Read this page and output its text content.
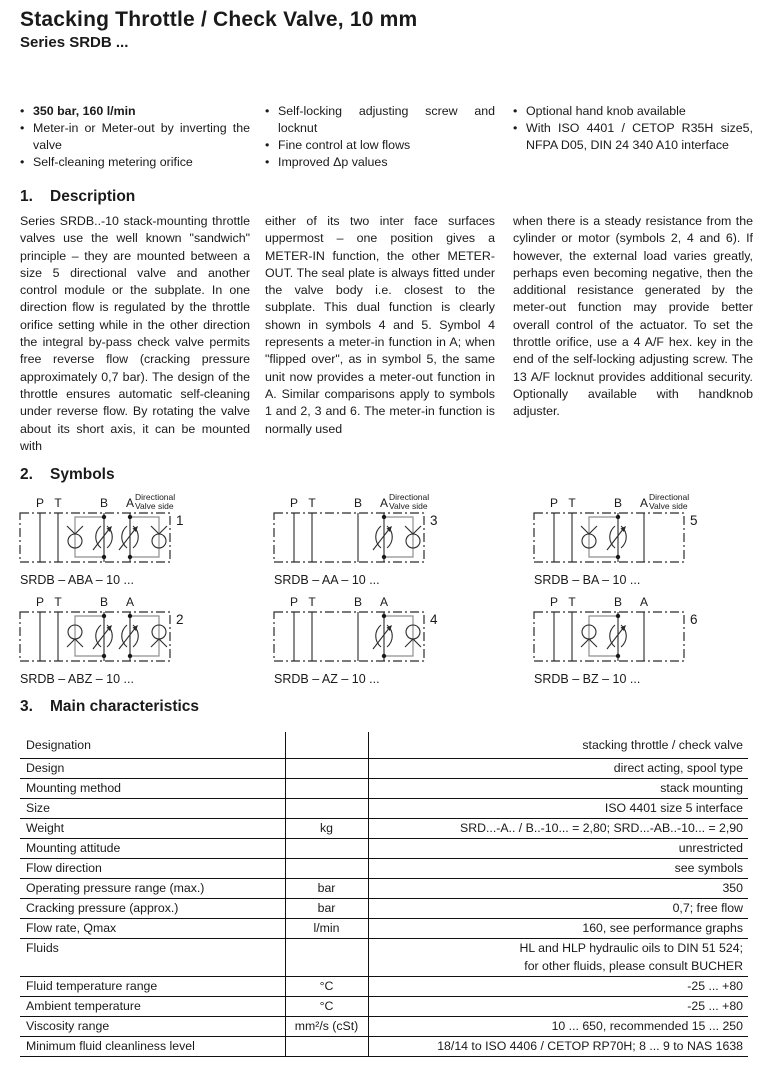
Stacking Throttle / Check Valve, 10 mm
Series SRDB ...
• 350 bar, 160 l/min
• Meter-in or Meter-out by inverting the valve
• Self-cleaning metering orifice
• Self-locking adjusting screw and locknut
• Fine control at low flows
• Improved Δp values
• Optional hand knob available
• With ISO 4401 / CETOP R35H size5, NFPA D05, DIN 24 340 A10 interface
1. Description
Series SRDB..-10 stack-mounting throttle valves use the well known "sandwich" principle – they are mounted between a size 5 directional valve and another control module or the subplate. In one direction flow is regulated by the throttle orifice setting while in the other direction the integral by-pass check valve permits free reverse flow (cracking pressure approximately 0,7 bar). The design of the throttle ensures automatic self-cleaning under reverse flow. By rotating the valve about its short axis, it can be mounted with
either of its two inter face surfaces uppermost – one position gives a METER-IN function, the other METER-OUT. The seal plate is always fitted under the valve body i.e. closest to the subplate. This dual function is clearly shown in symbols 4 and 5. Symbol 4 represents a meter-in function in A; when "flipped over", as in symbol 5, the same unit now provides a meter-out function in A. Similar comparisons apply to symbols 1 and 2, 3 and 6. The meter-in function is normally used
when there is a steady resistance from the cylinder or motor (symbols 2, 4 and 6). If however, the external load varies greatly, perhaps even becoming negative, then the additional resistance generated by the meter-out function may provide better overall control of the actuator. To set the throttle orifice, use a 4 A/F hex. key in the end of the self-locking adjusting screw. The 13 A/F locknut provides additional security. Optionally available with handknob adjuster.
2. Symbols
Directional
Valve side
P T	B A
1
SRDB – ABA – 10 ...
P T	B A
2
SRDB – ABZ – 10 ...
Directional
Valve side
P T	B A
3
SRDB – AA – 10 ...
P T	B A
4
SRDB – AZ – 10 ...
Directional
Valve side
P T	B A
5
SRDB – BA – 10 ...
P T	B A
6
SRDB – BZ – 10 ...
3. Main characteristics
Designation		stacking throttle / check valve
Design		direct acting, spool type
Mounting method		stack mounting
Size		ISO 4401 size 5 interface
Weight	kg	SRD...-A.. / B..-10... = 2,80; SRD...-AB..-10... = 2,90
Mounting attitude		unrestricted
Flow direction		see symbols
Operating pressure range (max.)	bar	350
Cracking pressure (approx.)	bar	0,7; free flow
Flow rate, Qmax	l/min	160, see performance graphs
Fluids		HL and HLP hydraulic oils to DIN 51 524;
for other fluids, please consult BUCHER

Fluid temperature range	°C	-25 ... +80
Ambient temperature	°C	-25 ... +80
Viscosity range	mm²/s (cSt)	10 ... 650, recommended 15 ... 250
Minimum fluid cleanliness level		18/14 to ISO 4406 / CETOP RP70H; 8 ... 9 to NAS 1638
